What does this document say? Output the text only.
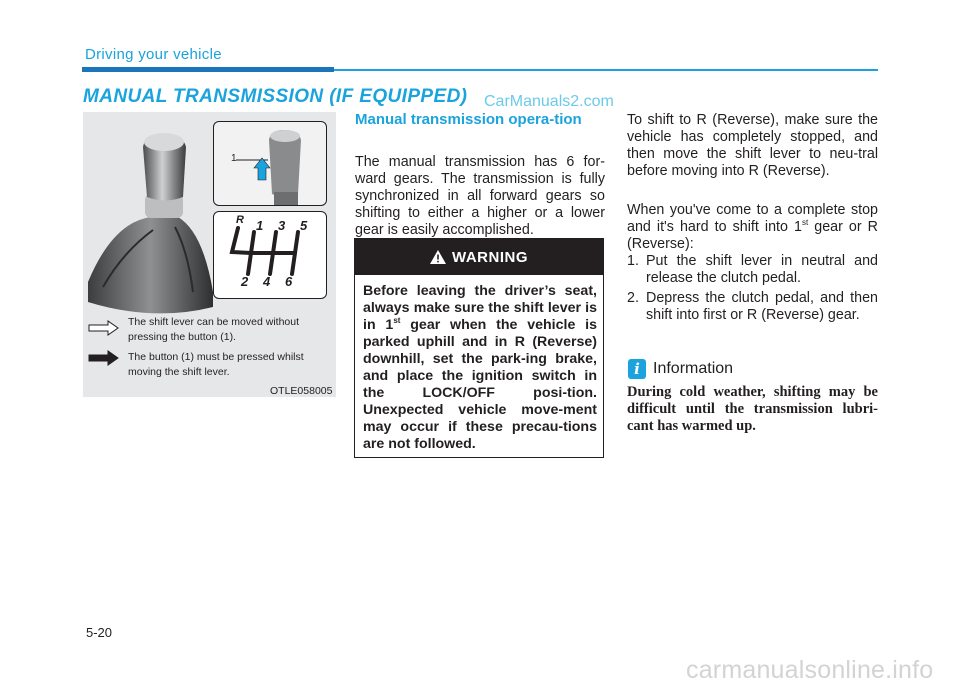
Driving your vehicle
MANUAL TRANSMISSION (IF EQUIPPED) CarManuals2.com
1
R 1 3 5
2 4 6
The shift lever can be moved without pressing the button (1).
The button (1) must be pressed whilst moving the shift lever.
OTLE058005
Manual transmission opera-tion
The manual transmission has 6 for-ward gears. The transmission is fully synchronized in all forward gears so shifting to either a higher or a lower gear is easily accomplished.
WARNING
Before leaving the driver’s seat, always make sure the shift lever is in 1st gear when the vehicle is parked uphill and in R (Reverse) downhill, set the park-ing brake, and place the ignition switch in the LOCK/OFF posi-tion. Unexpected vehicle move-ment may occur if these precau-tions are not followed.
To shift to R (Reverse), make sure the vehicle has completely stopped, and then move the shift lever to neu-tral before moving into R (Reverse).
When you've come to a complete stop and it's hard to shift into 1st gear or R (Reverse):
1. Put the shift lever in neutral and release the clutch pedal.
2. Depress the clutch pedal, and then shift into first or R (Reverse) gear.
i Information
During cold weather, shifting may be difficult until the transmission lubri-cant has warmed up.
5-20
carmanualsonline.info
